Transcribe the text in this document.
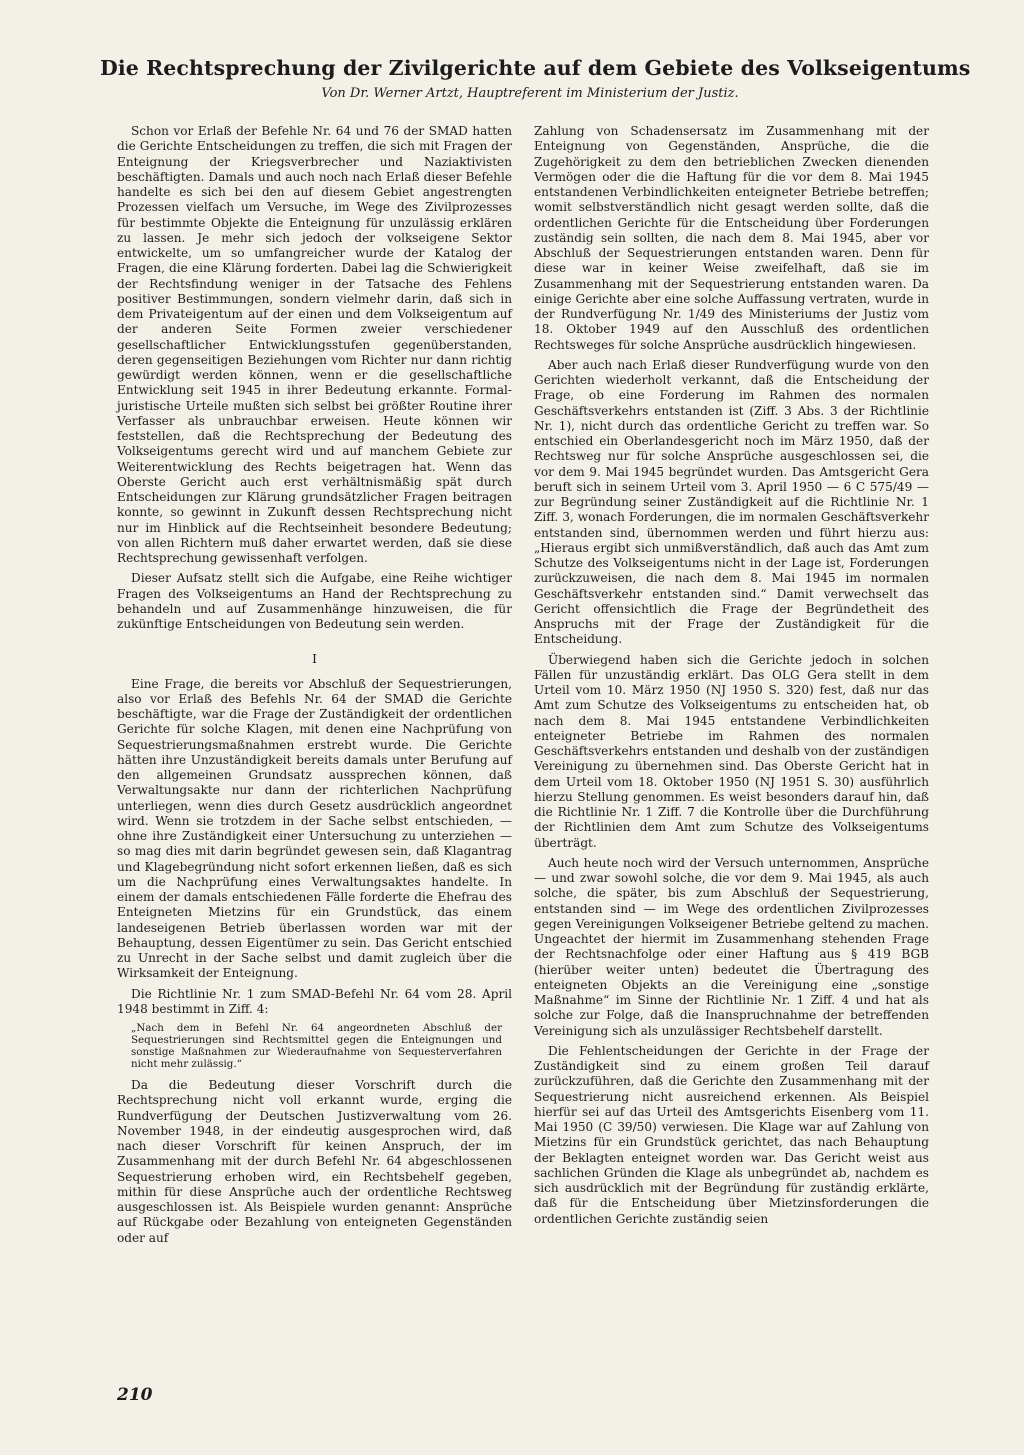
Die Rechtsprechung der Zivilgerichte auf dem Gebiete des Volkseigentums

Von Dr. Werner Artzt, Hauptreferent im Ministerium der Justiz.

Schon vor Erlaß der Befehle Nr. 64 und 76 der SMAD hatten die Gerichte Entscheidungen zu treffen, die sich mit Fragen der Enteignung der Kriegsverbrecher und Naziaktivisten beschäftigten. Damals und auch noch nach Erlaß dieser Befehle handelte es sich bei den auf diesem Gebiet angestrengten Prozessen vielfach um Versuche, im Wege des Zivilprozesses für bestimmte Objekte die Enteignung für unzulässig erklären zu lassen. Je mehr sich jedoch der volkseigene Sektor entwickelte, um so umfangreicher wurde der Katalog der Fragen, die eine Klärung forderten. Dabei lag die Schwierigkeit der Rechtsfindung weniger in der Tatsache des Fehlens positiver Bestimmungen, sondern vielmehr darin, daß sich in dem Privateigentum auf der einen und dem Volkseigentum auf der anderen Seite Formen zweier verschiedener gesellschaftlicher Entwicklungsstufen gegenüberstanden, deren gegenseitigen Beziehungen vom Richter nur dann richtig gewürdigt werden können, wenn er die gesellschaftliche Entwicklung seit 1945 in ihrer Bedeutung erkannte. Formal-juristische Urteile mußten sich selbst bei größter Routine ihrer Verfasser als unbrauchbar erweisen. Heute können wir feststellen, daß die Rechtsprechung der Bedeutung des Volkseigentums gerecht wird und auf manchem Gebiete zur Weiterentwicklung des Rechts beigetragen hat. Wenn das Oberste Gericht auch erst verhältnismäßig spät durch Entscheidungen zur Klärung grundsätzlicher Fragen beitragen konnte, so gewinnt in Zukunft dessen Rechtsprechung nicht nur im Hinblick auf die Rechtseinheit besondere Bedeutung; von allen Richtern muß daher erwartet werden, daß sie diese Rechtsprechung gewissenhaft verfolgen.

Dieser Aufsatz stellt sich die Aufgabe, eine Reihe wichtiger Fragen des Volkseigentums an Hand der Rechtsprechung zu behandeln und auf Zusammenhänge hinzuweisen, die für zukünftige Entscheidungen von Bedeutung sein werden.

I

Eine Frage, die bereits vor Abschluß der Sequestrierungen, also vor Erlaß des Befehls Nr. 64 der SMAD die Gerichte beschäftigte, war die Frage der Zuständigkeit der ordentlichen Gerichte für solche Klagen, mit denen eine Nachprüfung von Sequestrierungsmaßnahmen erstrebt wurde. Die Gerichte hätten ihre Unzuständigkeit bereits damals unter Berufung auf den allgemeinen Grundsatz aussprechen können, daß Verwaltungsakte nur dann der richterlichen Nachprüfung unterliegen, wenn dies durch Gesetz ausdrücklich angeordnet wird. Wenn sie trotzdem in der Sache selbst entschieden, — ohne ihre Zuständigkeit einer Untersuchung zu unterziehen — so mag dies mit darin begründet gewesen sein, daß Klagantrag und Klagebegründung nicht sofort erkennen ließen, daß es sich um die Nachprüfung eines Verwaltungsaktes handelte. In einem der damals entschiedenen Fälle forderte die Ehefrau des Enteigneten Mietzins für ein Grundstück, das einem landeseigenen Betrieb überlassen worden war mit der Behauptung, dessen Eigentümer zu sein. Das Gericht entschied zu Unrecht in der Sache selbst und damit zugleich über die Wirksamkeit der Enteignung.

Die Richtlinie Nr. 1 zum SMAD-Befehl Nr. 64 vom 28. April 1948 bestimmt in Ziff. 4:

„Nach dem in Befehl Nr. 64 angeordneten Abschluß der Sequestrierungen sind Rechtsmittel gegen die Enteignungen und sonstige Maßnahmen zur Wiederaufnahme von Sequesterverfahren nicht mehr zulässig.“

Da die Bedeutung dieser Vorschrift durch die Rechtsprechung nicht voll erkannt wurde, erging die Rundverfügung der Deutschen Justizverwaltung vom 26. November 1948, in der eindeutig ausgesprochen wird, daß nach dieser Vorschrift für keinen Anspruch, der im Zusammenhang mit der durch Befehl Nr. 64 abgeschlossenen Sequestrierung erhoben wird, ein Rechtsbehelf gegeben, mithin für diese Ansprüche auch der ordentliche Rechtsweg ausgeschlossen ist. Als Beispiele wurden genannt: Ansprüche auf Rückgabe oder Bezahlung von enteigneten Gegenständen oder auf

Zahlung von Schadensersatz im Zusammenhang mit der Enteignung von Gegenständen, Ansprüche, die die Zugehörigkeit zu dem den betrieblichen Zwecken dienenden Vermögen oder die die Haftung für die vor dem 8. Mai 1945 entstandenen Verbindlichkeiten enteigneter Betriebe betreffen; womit selbstverständlich nicht gesagt werden sollte, daß die ordentlichen Gerichte für die Entscheidung über Forderungen zuständig sein sollten, die nach dem 8. Mai 1945, aber vor Abschluß der Sequestrierungen entstanden waren. Denn für diese war in keiner Weise zweifelhaft, daß sie im Zusammenhang mit der Sequestrierung entstanden waren. Da einige Gerichte aber eine solche Auffassung vertraten, wurde in der Rundverfügung Nr. 1/49 des Ministeriums der Justiz vom 18. Oktober 1949 auf den Ausschluß des ordentlichen Rechtsweges für solche Ansprüche ausdrücklich hingewiesen.

Aber auch nach Erlaß dieser Rundverfügung wurde von den Gerichten wiederholt verkannt, daß die Entscheidung der Frage, ob eine Forderung im Rahmen des normalen Geschäftsverkehrs entstanden ist (Ziff. 3 Abs. 3 der Richtlinie Nr. 1), nicht durch das ordentliche Gericht zu treffen war. So entschied ein Oberlandesgericht noch im März 1950, daß der Rechtsweg nur für solche Ansprüche ausgeschlossen sei, die vor dem 9. Mai 1945 begründet wurden. Das Amtsgericht Gera beruft sich in seinem Urteil vom 3. April 1950 — 6 C 575/49 — zur Begründung seiner Zuständigkeit auf die Richtlinie Nr. 1 Ziff. 3, wonach Forderungen, die im normalen Geschäftsverkehr entstanden sind, übernommen werden und führt hierzu aus: „Hieraus ergibt sich unmißverständlich, daß auch das Amt zum Schutze des Volkseigentums nicht in der Lage ist, Forderungen zurückzuweisen, die nach dem 8. Mai 1945 im normalen Geschäftsverkehr entstanden sind.“ Damit verwechselt das Gericht offensichtlich die Frage der Begründetheit des Anspruchs mit der Frage der Zuständigkeit für die Entscheidung.

Überwiegend haben sich die Gerichte jedoch in solchen Fällen für unzuständig erklärt. Das OLG Gera stellt in dem Urteil vom 10. März 1950 (NJ 1950 S. 320) fest, daß nur das Amt zum Schutze des Volkseigentums zu entscheiden hat, ob nach dem 8. Mai 1945 entstandene Verbindlichkeiten enteigneter Betriebe im Rahmen des normalen Geschäftsverkehrs entstanden und deshalb von der zuständigen Vereinigung zu übernehmen sind. Das Oberste Gericht hat in dem Urteil vom 18. Oktober 1950 (NJ 1951 S. 30) ausführlich hierzu Stellung genommen. Es weist besonders darauf hin, daß die Richtlinie Nr. 1 Ziff. 7 die Kontrolle über die Durchführung der Richtlinien dem Amt zum Schutze des Volkseigentums überträgt.

Auch heute noch wird der Versuch unternommen, Ansprüche — und zwar sowohl solche, die vor dem 9. Mai 1945, als auch solche, die später, bis zum Abschluß der Sequestrierung, entstanden sind — im Wege des ordentlichen Zivilprozesses gegen Vereinigungen Volkseigener Betriebe geltend zu machen. Ungeachtet der hiermit im Zusammenhang stehenden Frage der Rechtsnachfolge oder einer Haftung aus § 419 BGB (hierüber weiter unten) bedeutet die Übertragung des enteigneten Objekts an die Vereinigung eine „sonstige Maßnahme“ im Sinne der Richtlinie Nr. 1 Ziff. 4 und hat als solche zur Folge, daß die Inanspruchnahme der betreffenden Vereinigung sich als unzulässiger Rechtsbehelf darstellt.

Die Fehlentscheidungen der Gerichte in der Frage der Zuständigkeit sind zu einem großen Teil darauf zurückzuführen, daß die Gerichte den Zusammenhang mit der Sequestrierung nicht ausreichend erkennen. Als Beispiel hierfür sei auf das Urteil des Amtsgerichts Eisenberg vom 11. Mai 1950 (C 39/50) verwiesen. Die Klage war auf Zahlung von Mietzins für ein Grundstück gerichtet, das nach Behauptung der Beklagten enteignet worden war. Das Gericht weist aus sachlichen Gründen die Klage als unbegründet ab, nachdem es sich ausdrücklich mit der Begründung für zuständig erklärte, daß für die Entscheidung über Mietzinsforderungen die ordentlichen Gerichte zuständig seien

210
